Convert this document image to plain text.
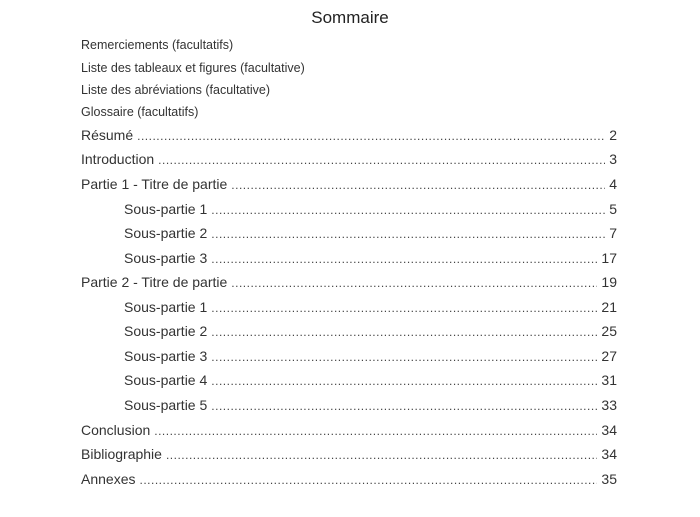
Sommaire
Remerciements (facultatifs)
Liste des tableaux et figures (facultative)
Liste des abréviations (facultative)
Glossaire (facultatifs)
Résumé .....	2
Introduction .....	3
Partie 1 - Titre de partie .....	4
Sous-partie 1 .....	5
Sous-partie 2 .....	7
Sous-partie 3 .....	17
Partie 2 - Titre de partie .....	19
Sous-partie 1 .....	21
Sous-partie 2 .....	25
Sous-partie 3 .....	27
Sous-partie 4 .....	31
Sous-partie 5 .....	33
Conclusion .....	34
Bibliographie .....	34
Annexes .....	35
